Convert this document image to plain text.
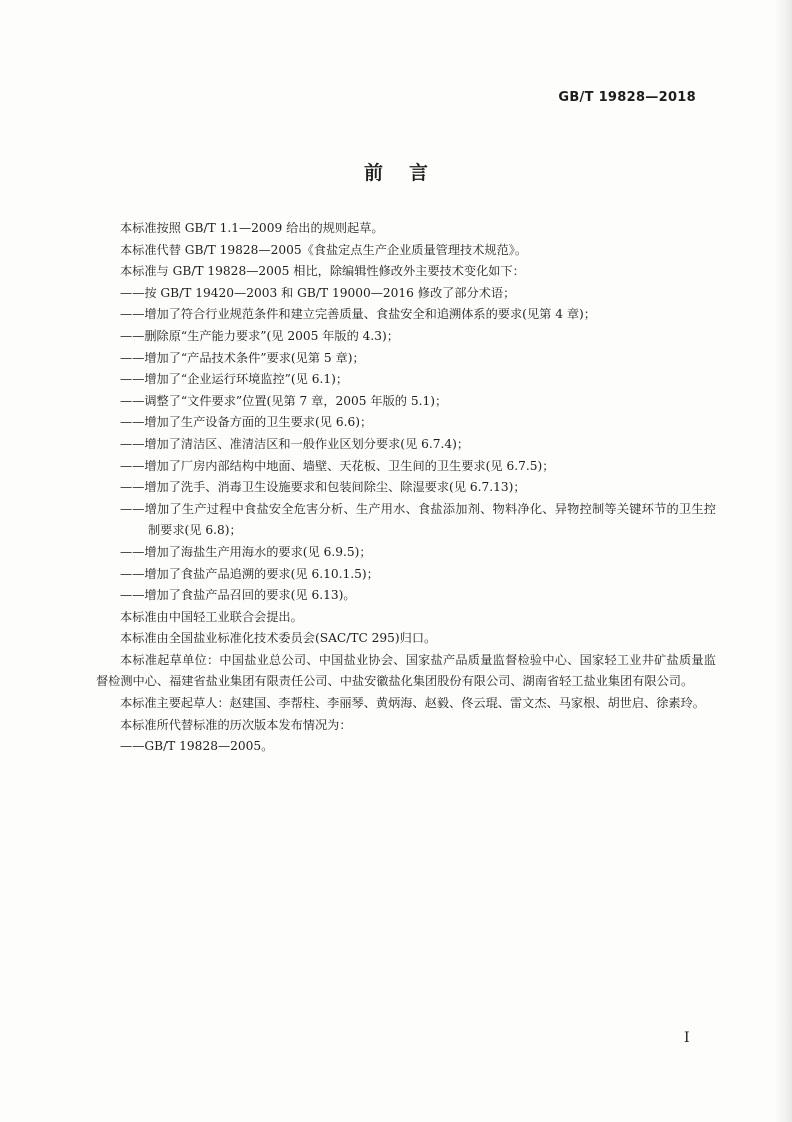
GB/T 19828—2018
前言

本标准按照 GB/T 1.1—2009 给出的规则起草。

本标准代替 GB/T 19828—2005《食盐定点生产企业质量管理技术规范》。

本标准与 GB/T 19828—2005 相比，除编辑性修改外主要技术变化如下：

——按 GB/T 19420—2003 和 GB/T 19000—2016 修改了部分术语；

——增加了符合行业规范条件和建立完善质量、食盐安全和追溯体系的要求(见第 4 章)；

——删除原“生产能力要求”(见 2005 年版的 4.3)；

——增加了“产品技术条件”要求(见第 5 章)；

——增加了“企业运行环境监控”(见 6.1)；

——调整了“文件要求”位置(见第 7 章，2005 年版的 5.1)；

——增加了生产设备方面的卫生要求(见 6.6)；

——增加了清洁区、准清洁区和一般作业区划分要求(见 6.7.4)；

——增加了厂房内部结构中地面、墙壁、天花板、卫生间的卫生要求(见 6.7.5)；

——增加了洗手、消毒卫生设施要求和包装间除尘、除湿要求(见 6.7.13)；

——增加了生产过程中食盐安全危害分析、生产用水、食盐添加剂、物料净化、异物控制等关键环节的卫生控制要求(见 6.8)；

——增加了海盐生产用海水的要求(见 6.9.5)；

——增加了食盐产品追溯的要求(见 6.10.1.5)；

——增加了食盐产品召回的要求(见 6.13)。

本标准由中国轻工业联合会提出。

本标准由全国盐业标准化技术委员会(SAC/TC 295)归口。

本标准起草单位：中国盐业总公司、中国盐业协会、国家盐产品质量监督检验中心、国家轻工业井矿盐质量监督检测中心、福建省盐业集团有限责任公司、中盐安徽盐化集团股份有限公司、湖南省轻工盐业集团有限公司。

本标准主要起草人：赵建国、李帮柱、李丽琴、黄炳海、赵毅、佟云琨、雷文杰、马家根、胡世启、徐素玲。

本标准所代替标准的历次版本发布情况为：

——GB/T 19828—2005。

I
